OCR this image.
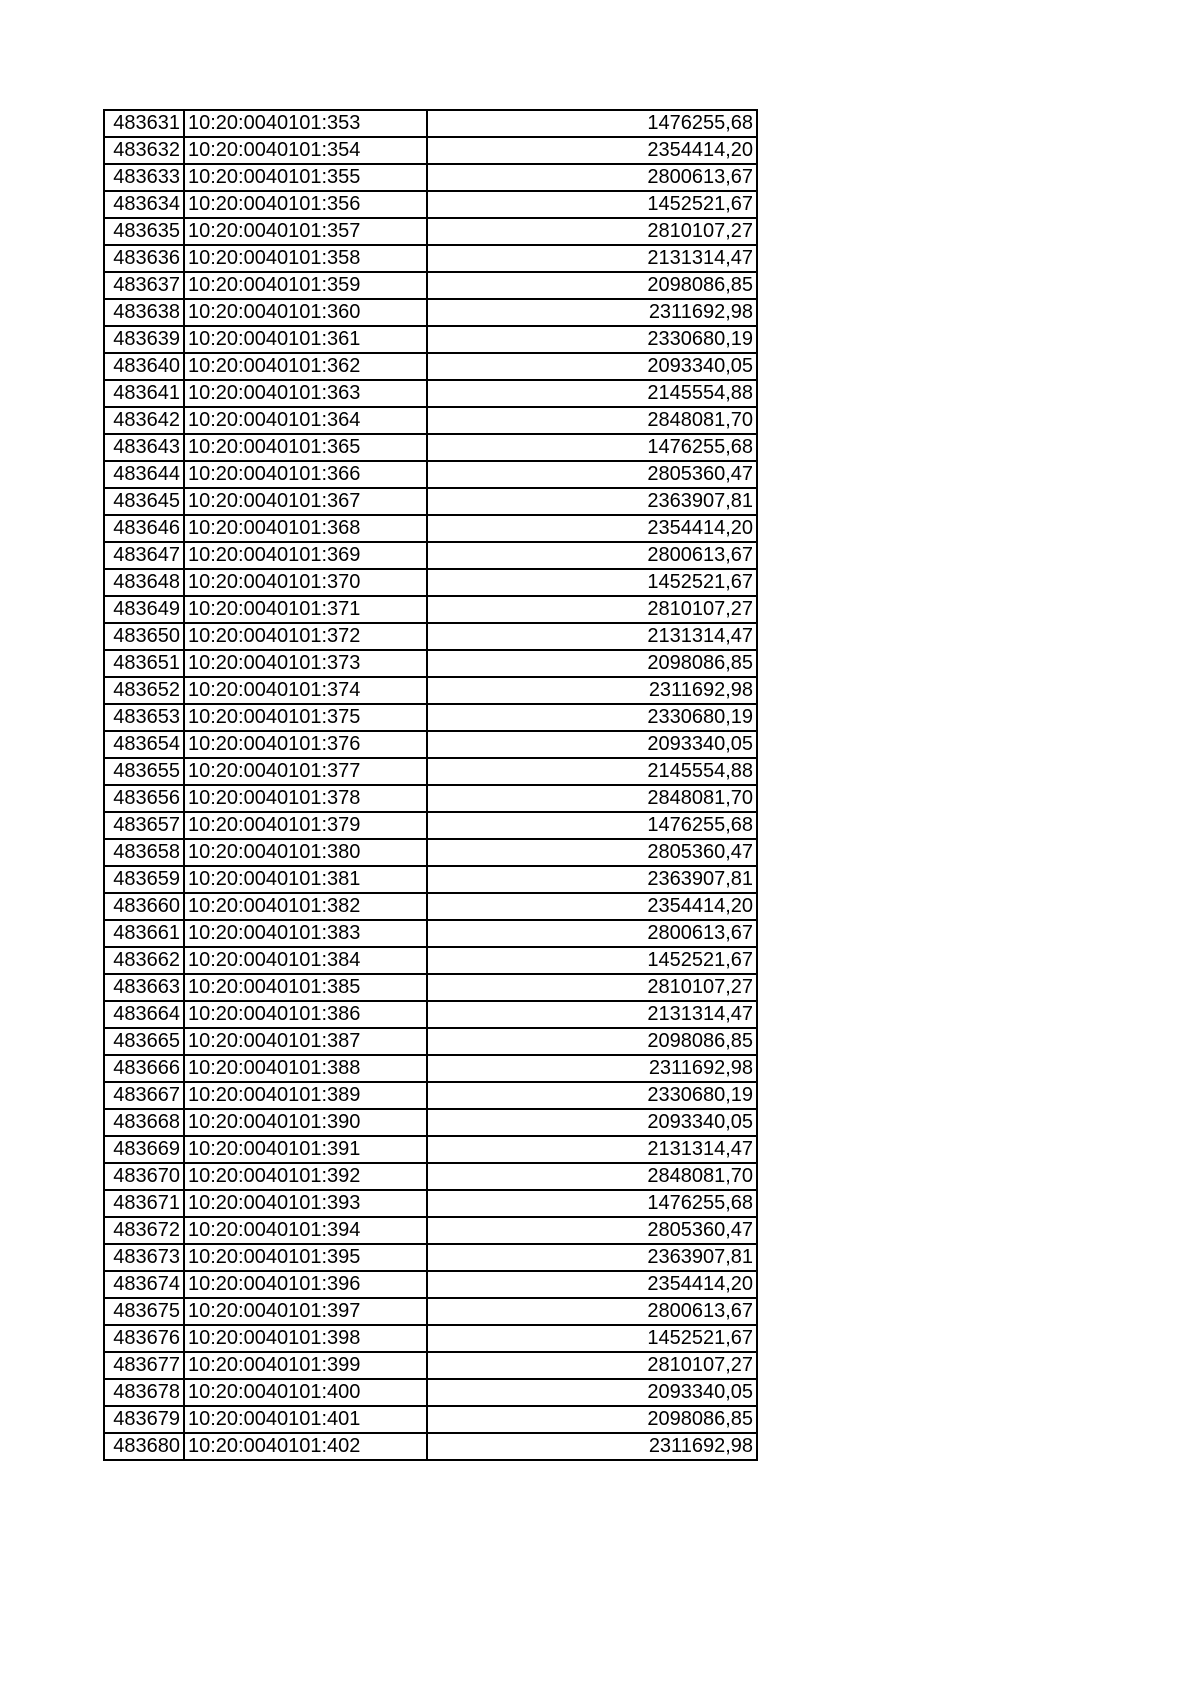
483631	10:20:0040101:353	1476255,68
483632	10:20:0040101:354	2354414,20
483633	10:20:0040101:355	2800613,67
483634	10:20:0040101:356	1452521,67
483635	10:20:0040101:357	2810107,27
483636	10:20:0040101:358	2131314,47
483637	10:20:0040101:359	2098086,85
483638	10:20:0040101:360	2311692,98
483639	10:20:0040101:361	2330680,19
483640	10:20:0040101:362	2093340,05
483641	10:20:0040101:363	2145554,88
483642	10:20:0040101:364	2848081,70
483643	10:20:0040101:365	1476255,68
483644	10:20:0040101:366	2805360,47
483645	10:20:0040101:367	2363907,81
483646	10:20:0040101:368	2354414,20
483647	10:20:0040101:369	2800613,67
483648	10:20:0040101:370	1452521,67
483649	10:20:0040101:371	2810107,27
483650	10:20:0040101:372	2131314,47
483651	10:20:0040101:373	2098086,85
483652	10:20:0040101:374	2311692,98
483653	10:20:0040101:375	2330680,19
483654	10:20:0040101:376	2093340,05
483655	10:20:0040101:377	2145554,88
483656	10:20:0040101:378	2848081,70
483657	10:20:0040101:379	1476255,68
483658	10:20:0040101:380	2805360,47
483659	10:20:0040101:381	2363907,81
483660	10:20:0040101:382	2354414,20
483661	10:20:0040101:383	2800613,67
483662	10:20:0040101:384	1452521,67
483663	10:20:0040101:385	2810107,27
483664	10:20:0040101:386	2131314,47
483665	10:20:0040101:387	2098086,85
483666	10:20:0040101:388	2311692,98
483667	10:20:0040101:389	2330680,19
483668	10:20:0040101:390	2093340,05
483669	10:20:0040101:391	2131314,47
483670	10:20:0040101:392	2848081,70
483671	10:20:0040101:393	1476255,68
483672	10:20:0040101:394	2805360,47
483673	10:20:0040101:395	2363907,81
483674	10:20:0040101:396	2354414,20
483675	10:20:0040101:397	2800613,67
483676	10:20:0040101:398	1452521,67
483677	10:20:0040101:399	2810107,27
483678	10:20:0040101:400	2093340,05
483679	10:20:0040101:401	2098086,85
483680	10:20:0040101:402	2311692,98
